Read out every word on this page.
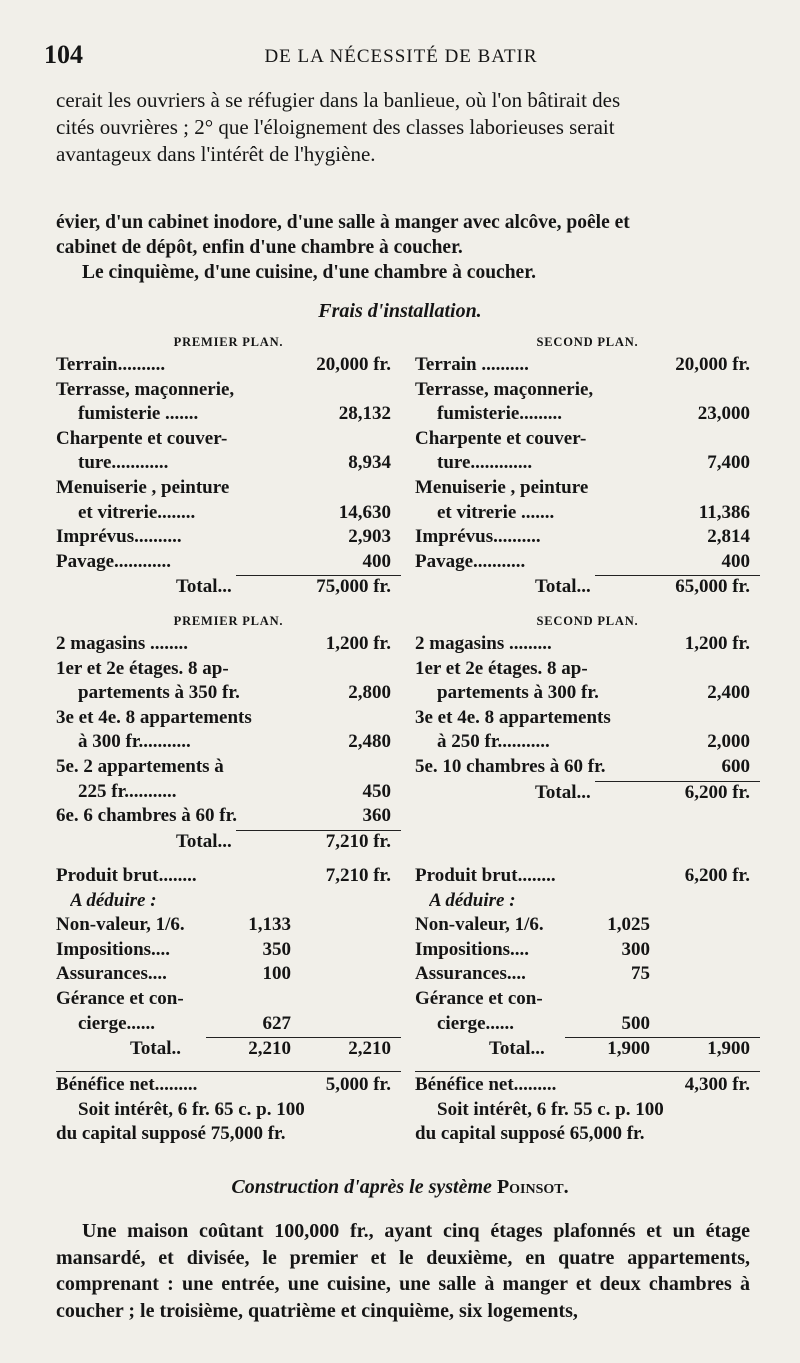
104	DE LA NÉCESSITÉ DE BATIR

cerait les ouvriers à se réfugier dans la banlieue, où l'on bâtirait des
cités ouvrières ; 2° que l'éloignement des classes laborieuses serait
avantageux dans l'intérêt de l'hygiène.

évier, d'un cabinet inodore, d'une salle à manger avec alcôve, poêle et
cabinet de dépôt, enfin d'une chambre à coucher.
Le cinquième, d'une cuisine, d'une chambre à coucher.

Frais d'installation.
PREMIER PLAN.
Terrain..........	20,000 fr.
Terrasse, maçonnerie,
fumisterie .......	28,132
Charpente et couver-
ture............	8,934
Menuiserie , peinture
et vitrerie........	14,630
Imprévus..........	2,903
Pavage............	400
Total...	75,000 fr.
SECOND PLAN.
Terrain ..........	20,000 fr.
Terrasse, maçonnerie,
fumisterie.........	23,000
Charpente et couver-
ture.............	7,400
Menuiserie , peinture
et vitrerie .......	11,386
Imprévus..........	2,814
Pavage...........	400
Total...	65,000 fr.
PREMIER PLAN.
2 magasins ........	1,200 fr.
1er et 2e étages. 8 ap-
partements à 350 fr.	2,800
3e et 4e. 8 appartements
à 300 fr...........	2,480
5e. 2 appartements à
225 fr...........	450
6e. 6 chambres à 60 fr.	360
Total...	7,210 fr.
SECOND PLAN.
2 magasins .........	1,200 fr.
1er et 2e étages. 8 ap-
partements à 300 fr.	2,400
3e et 4e. 8 appartements
à 250 fr...........	2,000
5e. 10 chambres à 60 fr.	600
Total...	6,200 fr.
Produit brut........	7,210 fr.
A déduire :
Non-valeur, 1/6.	1,133
Impositions....	350
Assurances....	100
Gérance et con-
cierge......	627
Total..	2,210	2,210
Produit brut........	6,200 fr.
A déduire :
Non-valeur, 1/6.	1,025
Impositions....	300
Assurances....	75
Gérance et con-
cierge......	500
Total...	1,900	1,900
Bénéfice net.........	5,000 fr.
Soit intérêt, 6 fr. 65 c. p. 100
du capital supposé 75,000 fr.
Bénéfice net.........	4,300 fr.
Soit intérêt, 6 fr. 55 c. p. 100
du capital supposé 65,000 fr.
Construction d'après le système Poinsot.

Une maison coûtant 100,000 fr., ayant cinq étages plafonnés et un étage mansardé, et divisée, le premier et le deuxième, en quatre appartements, comprenant : une entrée, une cuisine, une salle à manger et deux chambres à coucher ; le troisième, quatrième et cinquième, six logements,
